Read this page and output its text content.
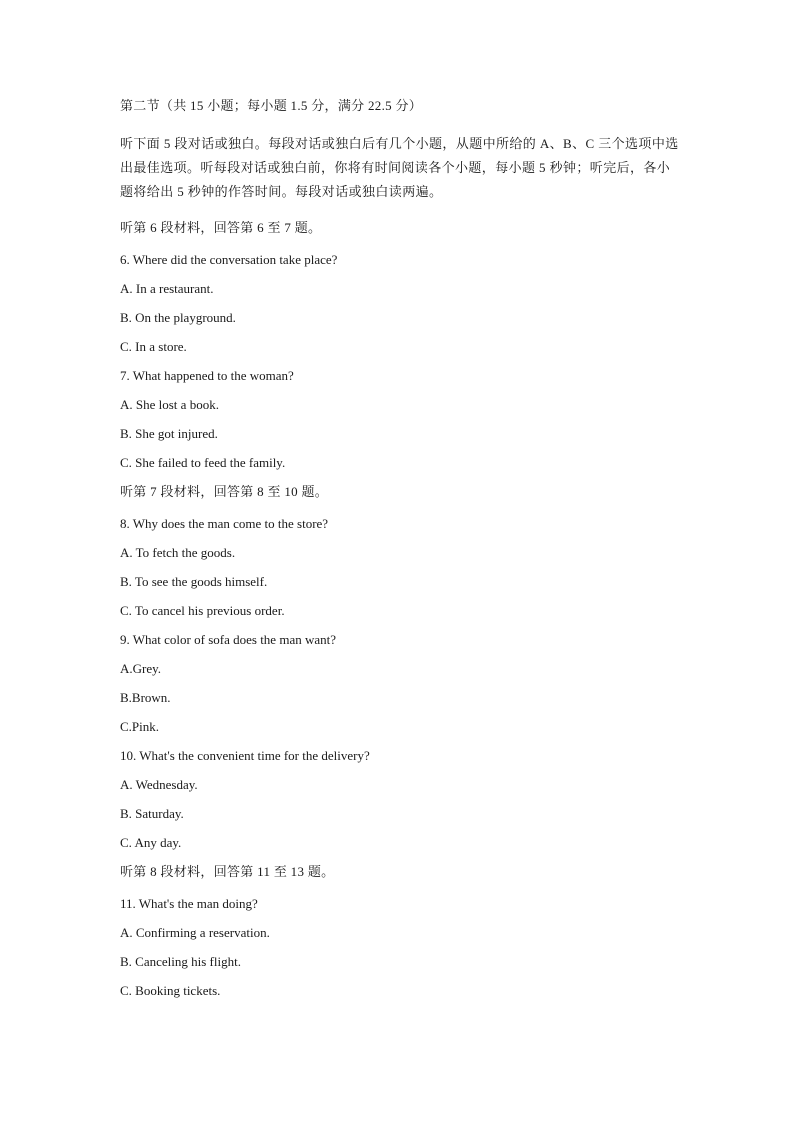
第二节（共 15 小题；每小题 1.5 分，满分 22.5 分）

听下面 5 段对话或独白。每段对话或独白后有几个小题，从题中所给的 A、B、C 三个选项中选出最佳选项。听每段对话或独白前，你将有时间阅读各个小题，每小题 5 秒钟；听完后，各小题将给出 5 秒钟的作答时间。每段对话或独白读两遍。

听第 6 段材料，回答第 6 至 7 题。

6. Where did the conversation take place?

A. In a restaurant.

B. On the playground.

C. In a store.

7. What happened to the woman?

A. She lost a book.

B. She got injured.

C. She failed to feed the family.

听第 7 段材料，回答第 8 至 10 题。

8. Why does the man come to the store?

A. To fetch the goods.

B. To see the goods himself.

C. To cancel his previous order.

9. What color of sofa does the man want?

A.Grey.

B.Brown.

C.Pink.

10. What's the convenient time for the delivery?

A. Wednesday.

B. Saturday.

C. Any day.

听第 8 段材料，回答第 11 至 13 题。

11. What's the man doing?

A. Confirming a reservation.

B. Canceling his flight.

C. Booking tickets.
